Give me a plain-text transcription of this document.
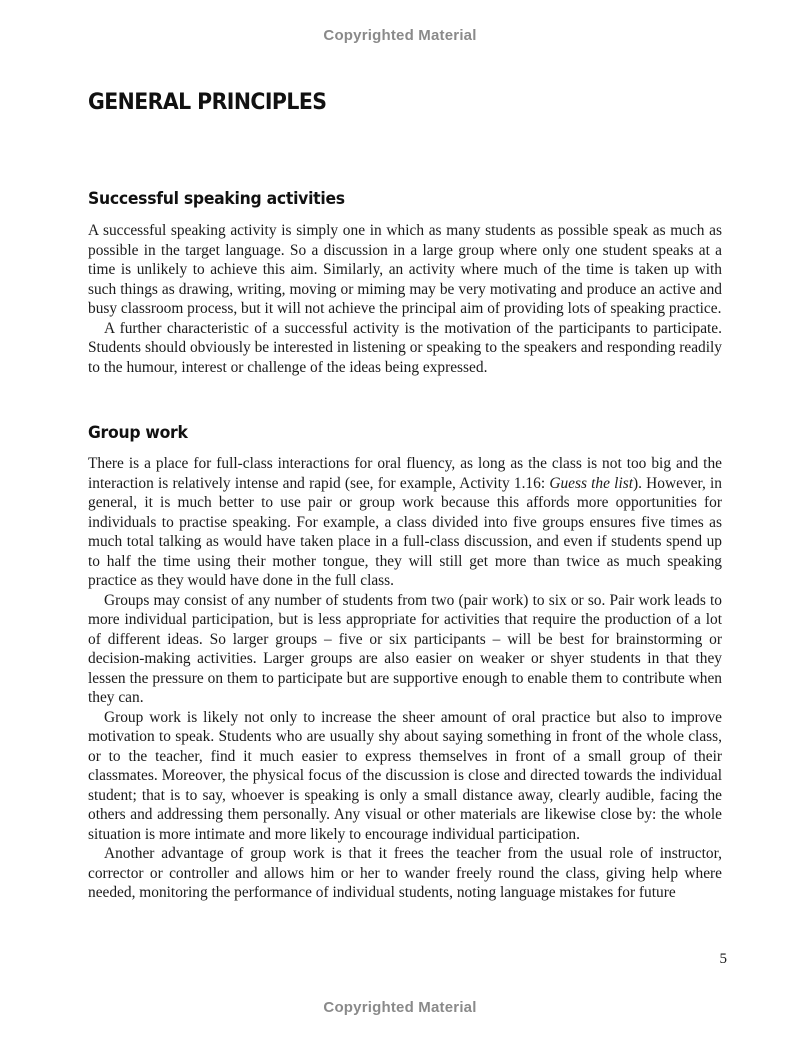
Copyrighted Material
GENERAL PRINCIPLES
Successful speaking activities

A successful speaking activity is simply one in which as many students as possible speak as much as possible in the target language. So a discussion in a large group where only one student speaks at a time is unlikely to achieve this aim. Similarly, an activity where much of the time is taken up with such things as drawing, writing, moving or miming may be very motivating and produce an active and busy classroom process, but it will not achieve the principal aim of providing lots of speaking practice.

A further characteristic of a successful activity is the motivation of the participants to participate. Students should obviously be interested in listening or speaking to the speakers and responding readily to the humour, interest or challenge of the ideas being expressed.

Group work

There is a place for full-class interactions for oral fluency, as long as the class is not too big and the interaction is relatively intense and rapid (see, for example, Activity 1.16: Guess the list). However, in general, it is much better to use pair or group work because this affords more opportunities for individuals to practise speaking. For example, a class divided into five groups ensures five times as much total talking as would have taken place in a full-class discussion, and even if students spend up to half the time using their mother tongue, they will still get more than twice as much speaking practice as they would have done in the full class.

Groups may consist of any number of students from two (pair work) to six or so. Pair work leads to more individual participation, but is less appropriate for activities that require the production of a lot of different ideas. So larger groups – five or six participants – will be best for brainstorming or decision-making activities. Larger groups are also easier on weaker or shyer students in that they lessen the pressure on them to participate but are supportive enough to enable them to contribute when they can.

Group work is likely not only to increase the sheer amount of oral practice but also to improve motivation to speak. Students who are usually shy about saying something in front of the whole class, or to the teacher, find it much easier to express themselves in front of a small group of their classmates. Moreover, the physical focus of the discussion is close and directed towards the individual student; that is to say, whoever is speaking is only a small distance away, clearly audible, facing the others and addressing them personally. Any visual or other materials are likewise close by: the whole situation is more intimate and more likely to encourage individual participation.

Another advantage of group work is that it frees the teacher from the usual role of instructor, corrector or controller and allows him or her to wander freely round the class, giving help where needed, monitoring the performance of individual students, noting language mistakes for future

5
Copyrighted Material
